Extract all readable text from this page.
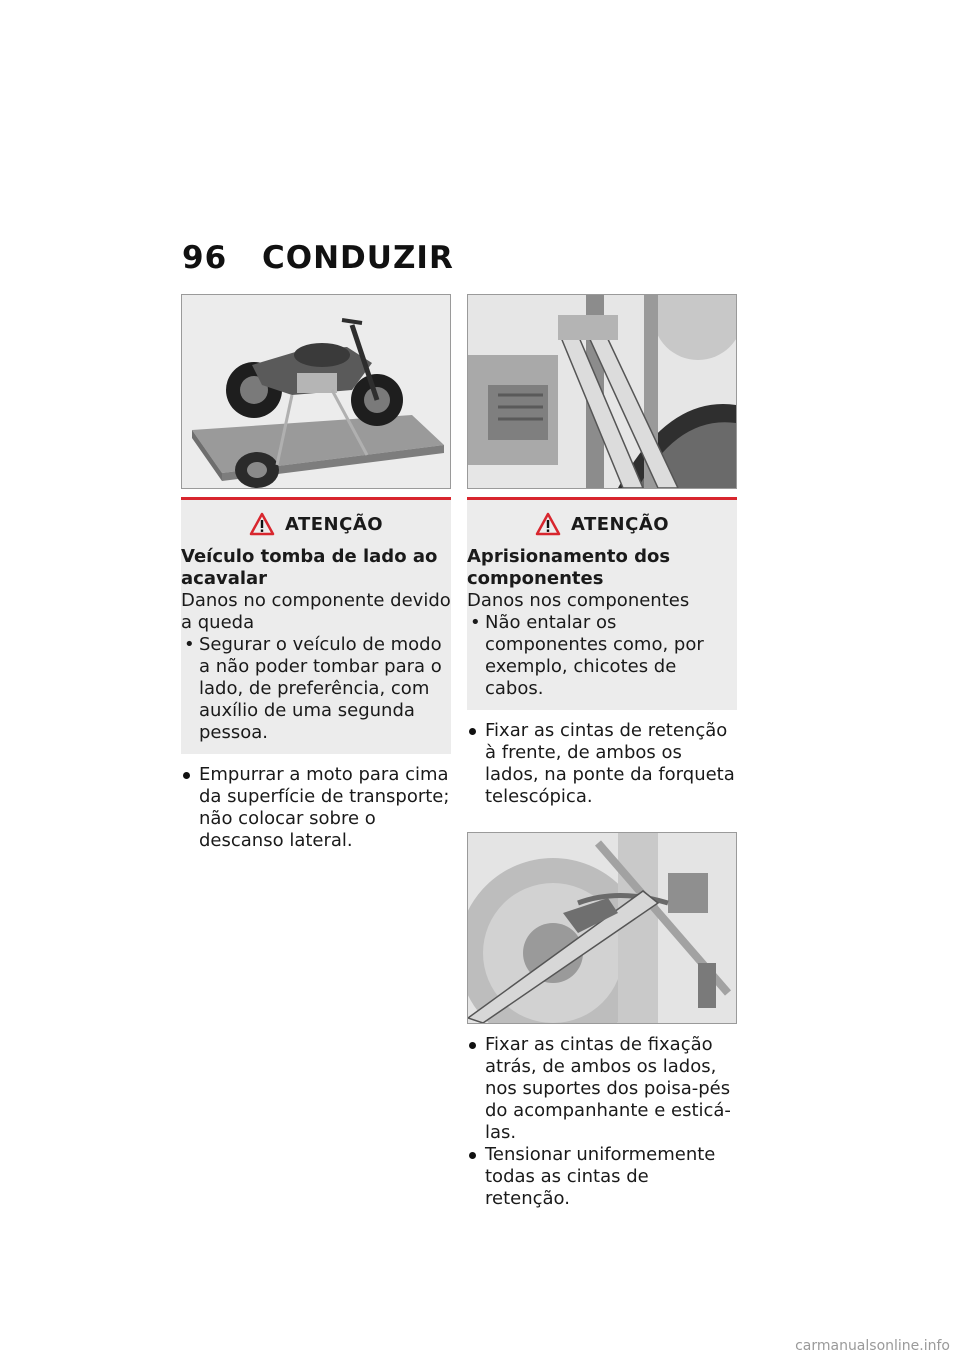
96	CONDUZIR
ATENÇÃO
Veículo tomba de lado ao acavalar
Danos no componente devido a queda
• Segurar o veículo de modo a não poder tombar para o lado, de preferência, com auxílio de uma segunda pessoa.
Empurrar a moto para cima da superfície de transporte; não colocar sobre o descanso lateral.
ATENÇÃO
Aprisionamento dos componentes
Danos nos componentes
• Não entalar os componentes como, por exemplo, chicotes de cabos.
Fixar as cintas de retenção à frente, de ambos os lados, na ponte da forqueta telescópica.
Fixar as cintas de fixação atrás, de ambos os lados, nos suportes dos poisa-pés do acompanhante e esticá-las.
Tensionar uniformemente todas as cintas de retenção.
carmanualsonline.info
